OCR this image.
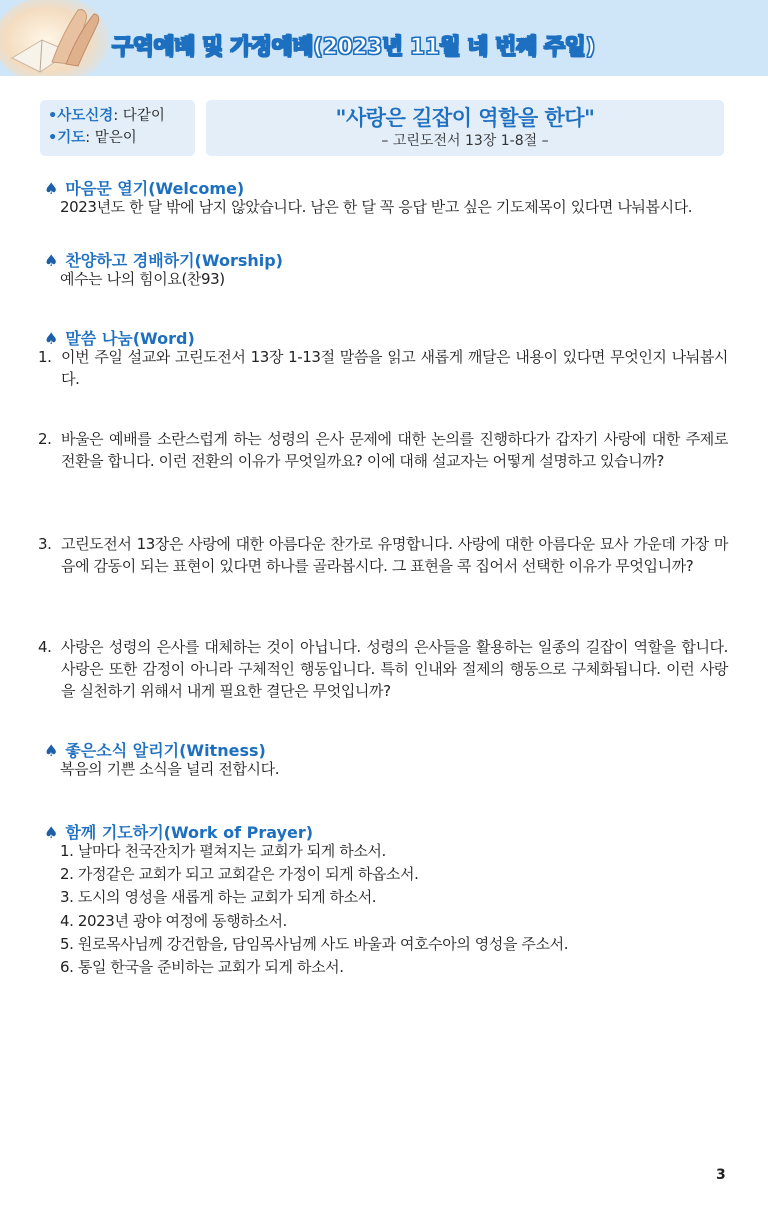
구역예배 및 가정예배(2023년 11월 네 번째 주일)
•사도신경: 다같이
•기도: 맡은이
"사랑은 길잡이 역할을 한다"
– 고린도전서 13장 1-8절 –
♠ 마음문 열기(Welcome)
2023년도 한 달 밖에 남지 않았습니다. 남은 한 달 꼭 응답 받고 싶은 기도제목이 있다면 나눠봅시다.
♠ 찬양하고 경배하기(Worship)
예수는 나의 힘이요(찬93)
♠ 말씀 나눔(Word)
1. 이번 주일 설교와 고린도전서 13장 1-13절 말씀을 읽고 새롭게 깨달은 내용이 있다면 무엇인지 나눠봅시다.
2. 바울은 예배를 소란스럽게 하는 성령의 은사 문제에 대한 논의를 진행하다가 갑자기 사랑에 대한 주제로 전환을 합니다. 이런 전환의 이유가 무엇일까요? 이에 대해 설교자는 어떻게 설명하고 있습니까?
3. 고린도전서 13장은 사랑에 대한 아름다운 찬가로 유명합니다. 사랑에 대한 아름다운 묘사 가운데 가장 마음에 감동이 되는 표현이 있다면 하나를 골라봅시다. 그 표현을 콕 집어서 선택한 이유가 무엇입니까?
4. 사랑은 성령의 은사를 대체하는 것이 아닙니다. 성령의 은사들을 활용하는 일종의 길잡이 역할을 합니다. 사랑은 또한 감정이 아니라 구체적인 행동입니다. 특히 인내와 절제의 행동으로 구체화됩니다. 이런 사랑을 실천하기 위해서 내게 필요한 결단은 무엇입니까?
♠ 좋은소식 알리기(Witness)
복음의 기쁜 소식을 널리 전합시다.
♠ 함께 기도하기(Work of Prayer)
1. 날마다 천국잔치가 펼쳐지는 교회가 되게 하소서.
2. 가정같은 교회가 되고 교회같은 가정이 되게 하옵소서.
3. 도시의 영성을 새롭게 하는 교회가 되게 하소서.
4. 2023년 광야 여정에 동행하소서.
5. 원로목사님께 강건함을, 담임목사님께 사도 바울과 여호수아의 영성을 주소서.
6. 통일 한국을 준비하는 교회가 되게 하소서.
3
